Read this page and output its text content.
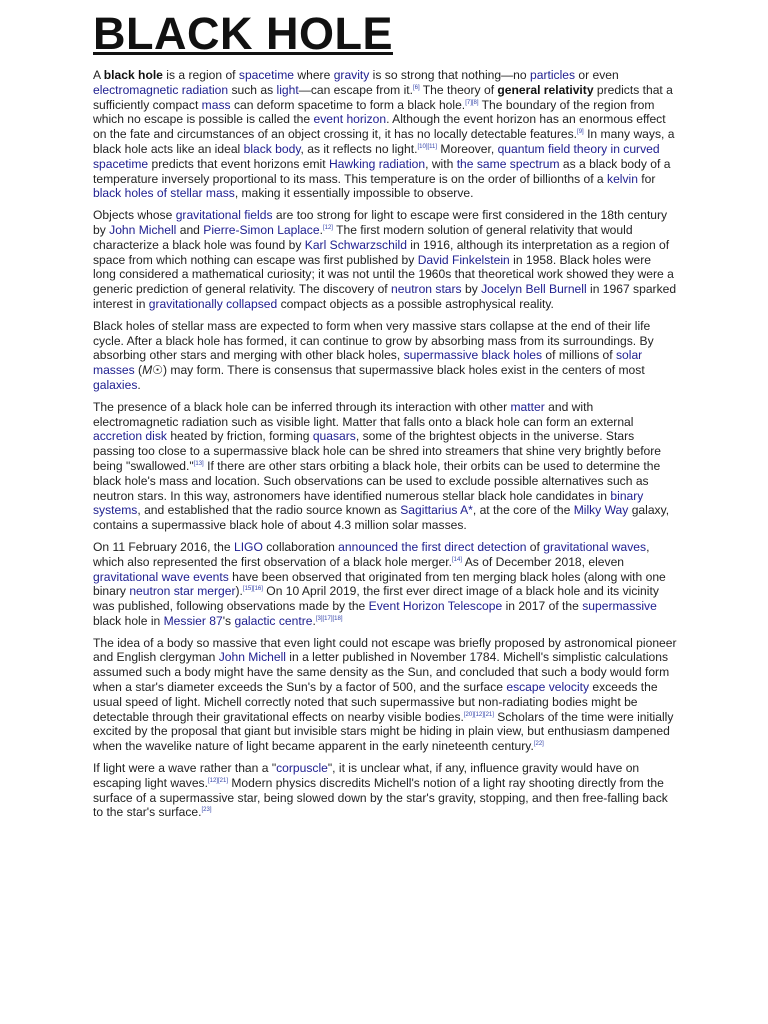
BLACK HOLE

A black hole is a region of spacetime where gravity is so strong that nothing—no particles or even electromagnetic radiation such as light—can escape from it.[6] The theory of general relativity predicts that a sufficiently compact mass can deform spacetime to form a black hole.[7][8] The boundary of the region from which no escape is possible is called the event horizon. Although the event horizon has an enormous effect on the fate and circumstances of an object crossing it, it has no locally detectable features.[9] In many ways, a black hole acts like an ideal black body, as it reflects no light.[10][11] Moreover, quantum field theory in curved spacetime predicts that event horizons emit Hawking radiation, with the same spectrum as a black body of a temperature inversely proportional to its mass. This temperature is on the order of billionths of a kelvin for black holes of stellar mass, making it essentially impossible to observe.

Objects whose gravitational fields are too strong for light to escape were first considered in the 18th century by John Michell and Pierre-Simon Laplace.[12] The first modern solution of general relativity that would characterize a black hole was found by Karl Schwarzschild in 1916, although its interpretation as a region of space from which nothing can escape was first published by David Finkelstein in 1958. Black holes were long considered a mathematical curiosity; it was not until the 1960s that theoretical work showed they were a generic prediction of general relativity. The discovery of neutron stars by Jocelyn Bell Burnell in 1967 sparked interest in gravitationally collapsed compact objects as a possible astrophysical reality.

Black holes of stellar mass are expected to form when very massive stars collapse at the end of their life cycle. After a black hole has formed, it can continue to grow by absorbing mass from its surroundings. By absorbing other stars and merging with other black holes, supermassive black holes of millions of solar masses (M☉) may form. There is consensus that supermassive black holes exist in the centers of most galaxies.

The presence of a black hole can be inferred through its interaction with other matter and with electromagnetic radiation such as visible light. Matter that falls onto a black hole can form an external accretion disk heated by friction, forming quasars, some of the brightest objects in the universe. Stars passing too close to a supermassive black hole can be shred into streamers that shine very brightly before being "swallowed."[13] If there are other stars orbiting a black hole, their orbits can be used to determine the black hole's mass and location. Such observations can be used to exclude possible alternatives such as neutron stars. In this way, astronomers have identified numerous stellar black hole candidates in binary systems, and established that the radio source known as Sagittarius A*, at the core of the Milky Way galaxy, contains a supermassive black hole of about 4.3 million solar masses.

On 11 February 2016, the LIGO collaboration announced the first direct detection of gravitational waves, which also represented the first observation of a black hole merger.[14] As of December 2018, eleven gravitational wave events have been observed that originated from ten merging black holes (along with one binary neutron star merger).[15][16] On 10 April 2019, the first ever direct image of a black hole and its vicinity was published, following observations made by the Event Horizon Telescope in 2017 of the supermassive black hole in Messier 87's galactic centre.[3][17][18]

The idea of a body so massive that even light could not escape was briefly proposed by astronomical pioneer and English clergyman John Michell in a letter published in November 1784. Michell's simplistic calculations assumed such a body might have the same density as the Sun, and concluded that such a body would form when a star's diameter exceeds the Sun's by a factor of 500, and the surface escape velocity exceeds the usual speed of light. Michell correctly noted that such supermassive but non-radiating bodies might be detectable through their gravitational effects on nearby visible bodies.[20][12][21] Scholars of the time were initially excited by the proposal that giant but invisible stars might be hiding in plain view, but enthusiasm dampened when the wavelike nature of light became apparent in the early nineteenth century.[22]

If light were a wave rather than a "corpuscle", it is unclear what, if any, influence gravity would have on escaping light waves.[12][21] Modern physics discredits Michell's notion of a light ray shooting directly from the surface of a supermassive star, being slowed down by the star's gravity, stopping, and then free-falling back to the star's surface.[23]
